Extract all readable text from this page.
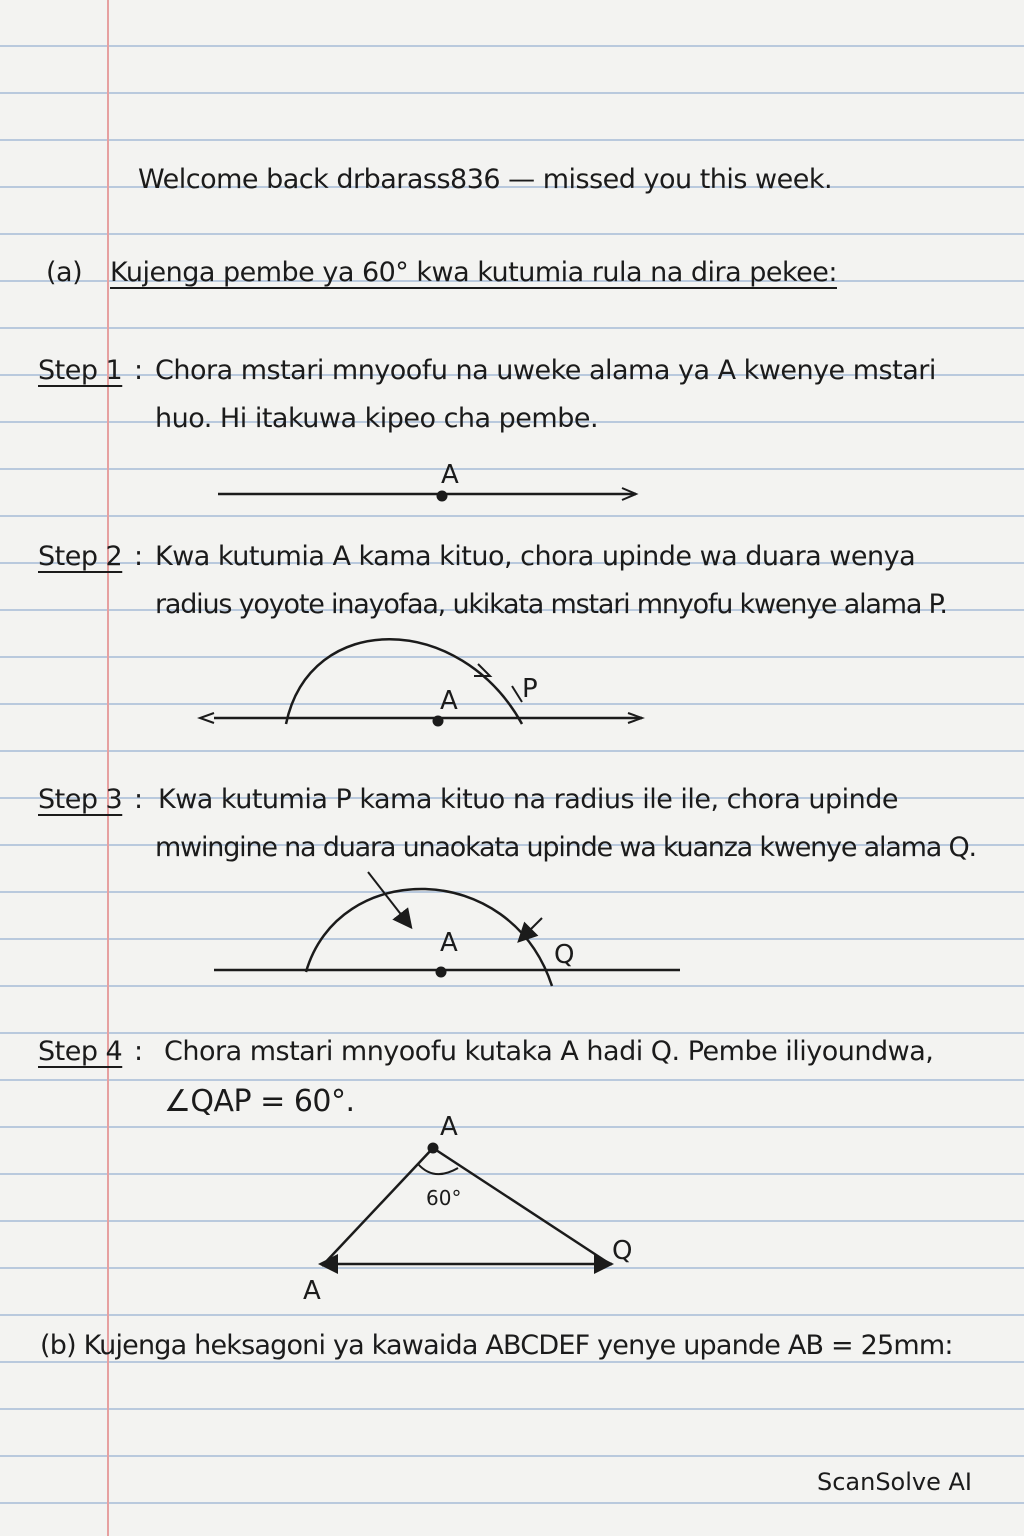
Welcome back drbarass836 — missed you this week.
(a) Kujenga pembe ya 60° kwa kutumia rula na dira pekee:
Step 1 : Chora mstari mnyoofu na uweke alama ya A kwenye mstari
huo. Hi itakuwa kipeo cha pembe.
Step 2 : Kwa kutumia A kama kituo, chora upinde wa duara wenya
radius yoyote inayofaa, ukikata mstari mnyofu kwenye alama P.
Step 3 : Kwa kutumia P kama kituo na radius ile ile, chora upinde
mwingine na duara unaokata upinde wa kuanza kwenye alama Q.
Step 4 : Chora mstari mnyoofu kutaka A hadi Q. Pembe iliyoundwa,
∠QAP = 60°.
(b) Kujenga heksagoni ya kawaida ABCDEF yenye upande AB = 25mm:
A
A P
A	Q
A
60°
Q
A
ScanSolve AI
